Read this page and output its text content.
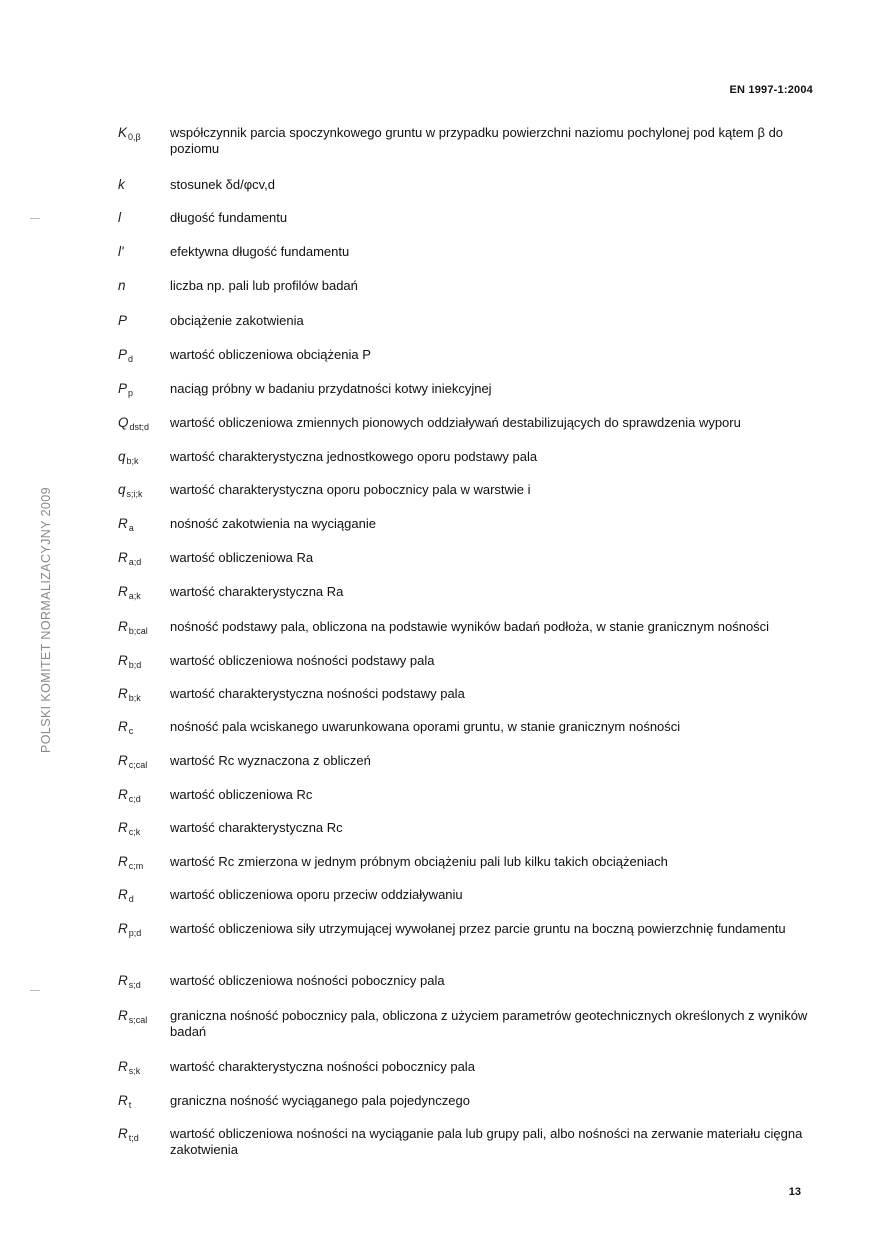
EN 1997-1:2004
POLSKI KOMITET NORMALIZACYJNY 2009
$K_{0,\beta}$ współczynnik parcia spoczynkowego gruntu w przypadku powierzchni naziomu pochylonej pod kątem β do poziomu
k	stosunek δd/φcv,d
l	długość fundamentu
l'	efektywna długość fundamentu
n	liczba np. pali lub profilów badań
P	obciążenie zakotwienia
$P_d$	wartość obliczeniowa obciążenia P
$P_p$	naciąg próbny w badaniu przydatności kotwy iniekcyjnej
$Q_{dst;d}$ wartość obliczeniowa zmiennych pionowych oddziaływań destabilizujących do sprawdzenia wyporu
$q_{b;k}$ wartość charakterystyczna jednostkowego oporu podstawy pala
$q_{s;i;k}$ wartość charakterystyczna oporu pobocznicy pala w warstwie i
$R_a$	nośność zakotwienia na wyciąganie
$R_{a;d}$ wartość obliczeniowa Ra
$R_{a;k}$ wartość charakterystyczna Ra
$R_{b;cal}$ nośność podstawy pala, obliczona na podstawie wyników badań podłoża, w stanie granicznym nośności
$R_{b;d}$ wartość obliczeniowa nośności podstawy pala
$R_{b;k}$ wartość charakterystyczna nośności podstawy pala
$R_c$	nośność pala wciskanego uwarunkowana oporami gruntu, w stanie granicznym nośności
$R_{c;cal}$ wartość Rc wyznaczona z obliczeń
$R_{c;d}$ wartość obliczeniowa Rc
$R_{c;k}$ wartość charakterystyczna Rc
$R_{c;m}$ wartość Rc zmierzona w jednym próbnym obciążeniu pali lub kilku takich obciążeniach
$R_d$	wartość obliczeniowa oporu przeciw oddziaływaniu
$R_{p;d}$ wartość obliczeniowa siły utrzymującej wywołanej przez parcie gruntu na boczną powierzchnię fundamentu
$R_{s;d}$ wartość obliczeniowa nośności pobocznicy pala
$R_{s;cal}$ graniczna nośność pobocznicy pala, obliczona z użyciem parametrów geotechnicznych określonych z wyników badań
$R_{s;k}$ wartość charakterystyczna nośności pobocznicy pala
$R_t$	graniczna nośność wyciąganego pala pojedynczego
$R_{t;d}$ wartość obliczeniowa nośności na wyciąganie pala lub grupy pali, albo nośności na zerwanie materiału cięgna zakotwienia
13
